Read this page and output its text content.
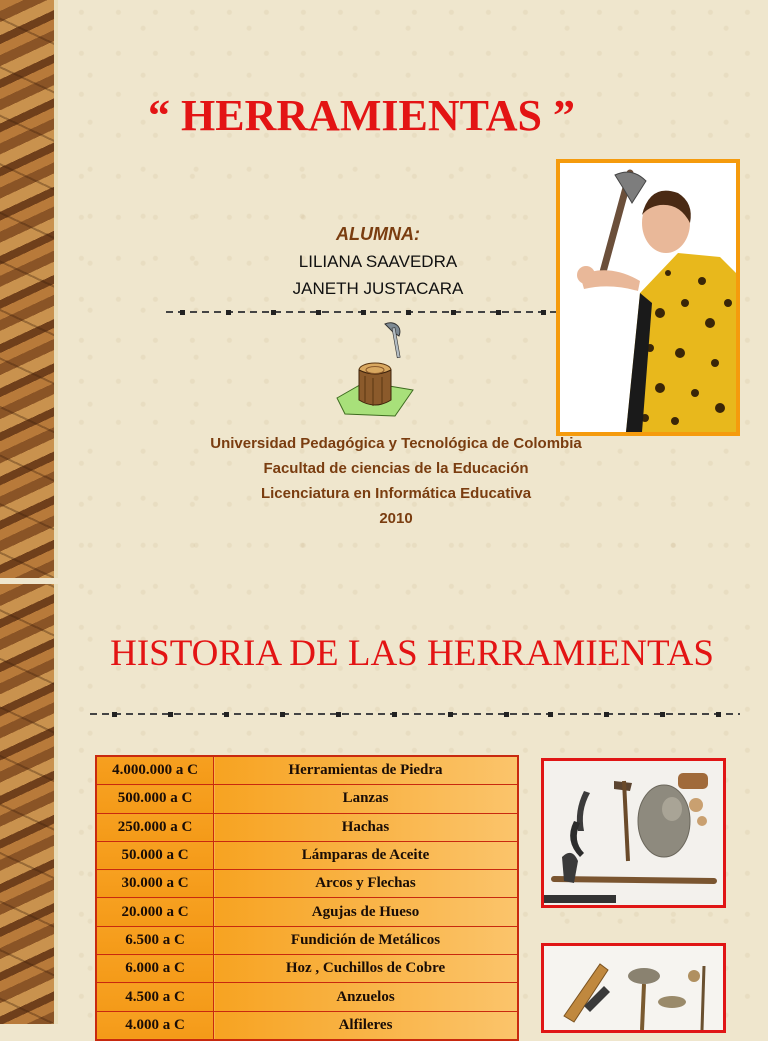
“ HERRAMIENTAS ”
ALUMNA:
LILIANA SAAVEDRA
JANETH JUSTACARA
Universidad Pedagógica y Tecnológica de Colombia
Facultad de ciencias de la Educación
Licenciatura en Informática Educativa
2010
HISTORIA DE LAS HERRAMIENTAS
4.000.000 a C	Herramientas de Piedra
500.000 a C	Lanzas
250.000 a C	Hachas
50.000 a C	Lámparas de Aceite
30.000 a C	Arcos y Flechas
20.000 a C	Agujas de Hueso
6.500 a C	Fundición de Metálicos
6.000 a C	Hoz , Cuchillos de Cobre
4.500 a C	Anzuelos
4.000 a C	Alfileres
